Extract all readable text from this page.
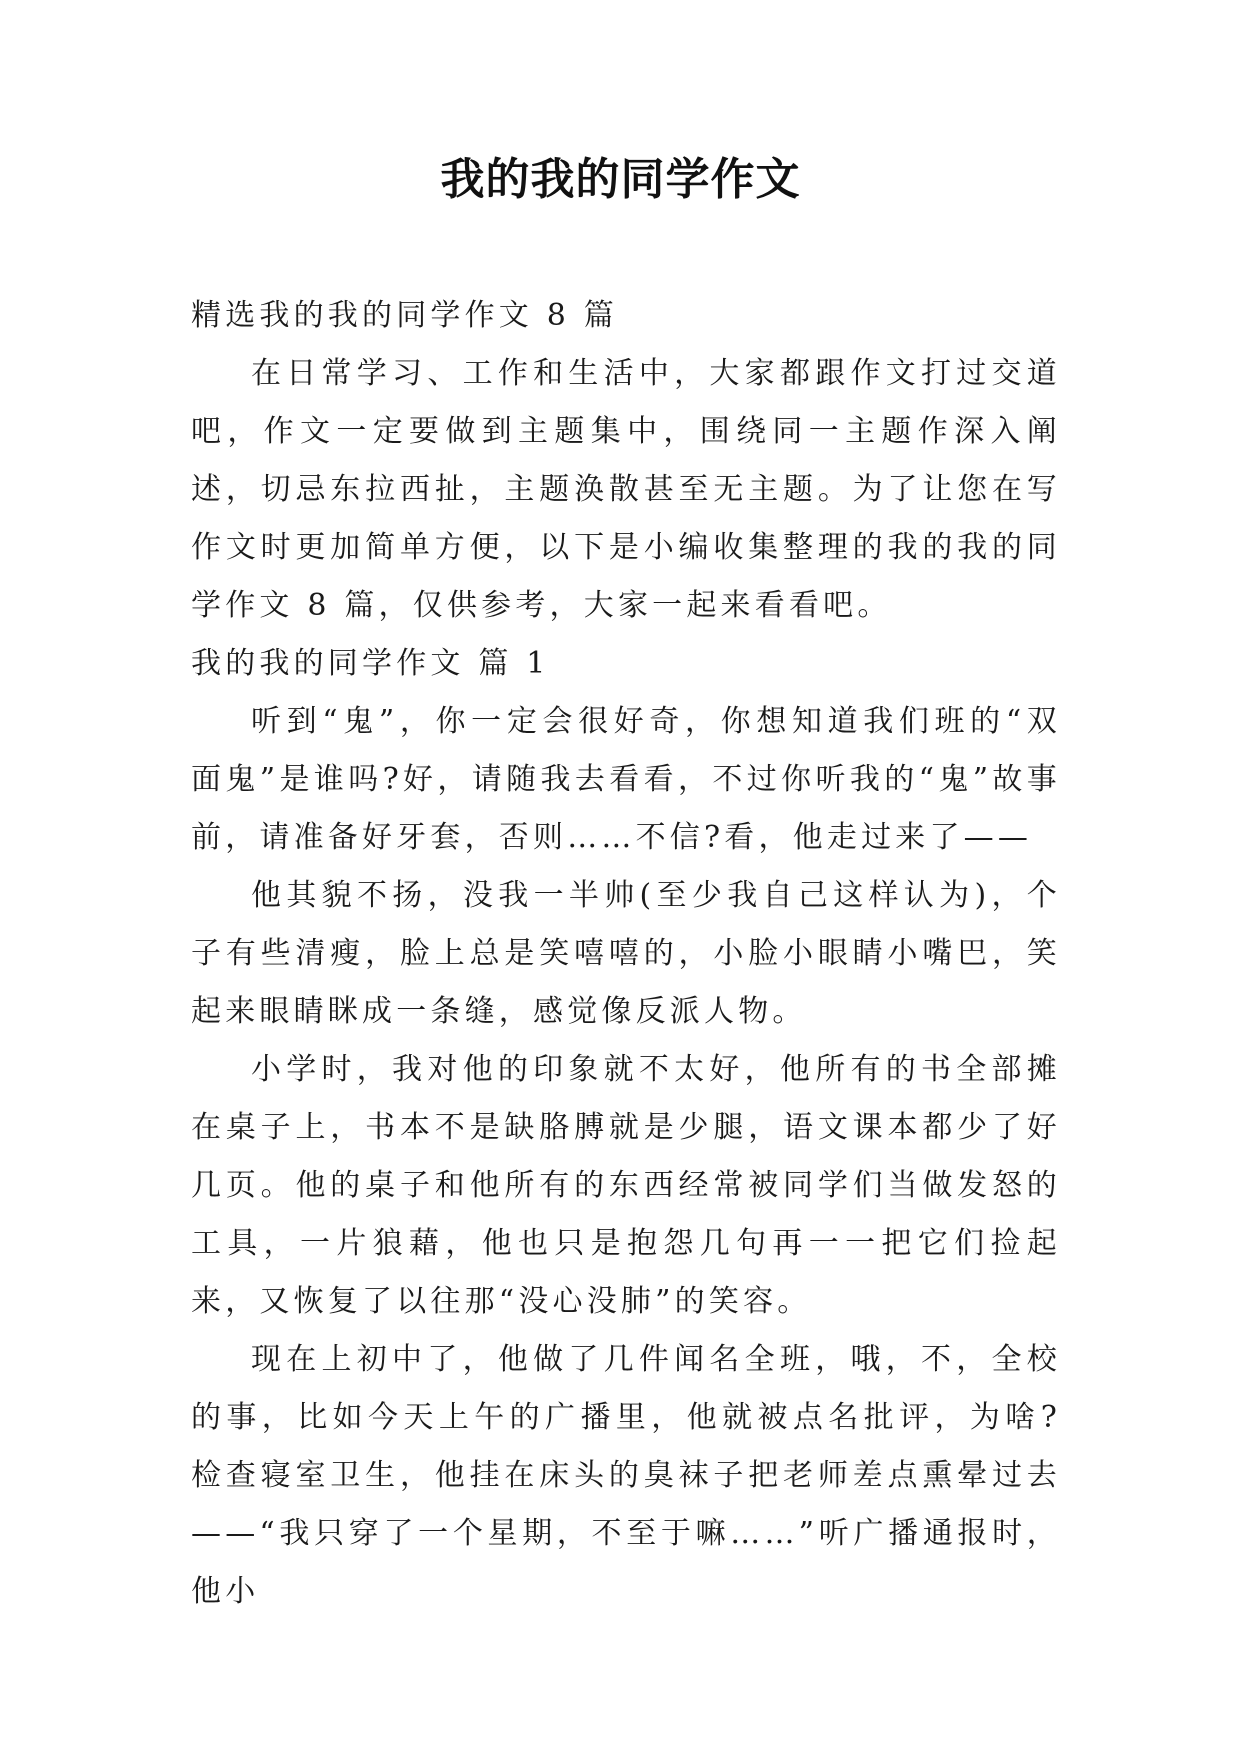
我的我的同学作文

精选我的我的同学作文 8 篇

在日常学习、工作和生活中，大家都跟作文打过交道吧，作文一定要做到主题集中，围绕同一主题作深入阐述，切忌东拉西扯，主题涣散甚至无主题。为了让您在写作文时更加简单方便，以下是小编收集整理的我的我的同学作文 8 篇，仅供参考，大家一起来看看吧。

我的我的同学作文 篇 1

听到“鬼”，你一定会很好奇，你想知道我们班的“双面鬼”是谁吗?好，请随我去看看，不过你听我的“鬼”故事前，请准备好牙套，否则……不信?看，他走过来了——

他其貌不扬，没我一半帅(至少我自己这样认为)，个子有些清瘦，脸上总是笑嘻嘻的，小脸小眼睛小嘴巴，笑起来眼睛眯成一条缝，感觉像反派人物。

小学时，我对他的印象就不太好，他所有的书全部摊在桌子上，书本不是缺胳膊就是少腿，语文课本都少了好几页。他的桌子和他所有的东西经常被同学们当做发怒的工具，一片狼藉，他也只是抱怨几句再一一把它们捡起来，又恢复了以往那“没心没肺”的笑容。

现在上初中了，他做了几件闻名全班，哦，不，全校的事，比如今天上午的广播里，他就被点名批评，为啥?检查寝室卫生，他挂在床头的臭袜子把老师差点熏晕过去——“我只穿了一个星期，不至于嘛……”听广播通报时，他小
